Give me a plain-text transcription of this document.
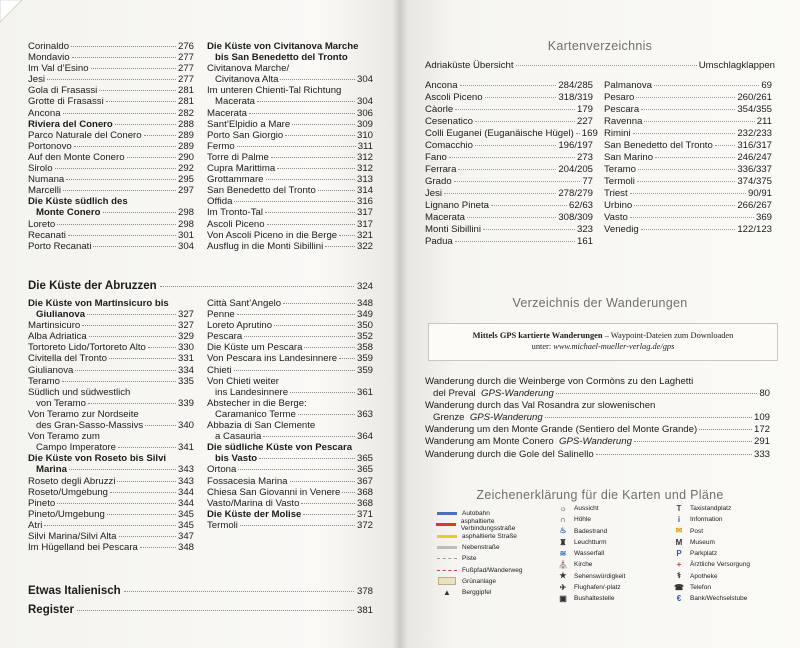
Corinaldo	276
Mondavio	277
Im Val d’Esino	277
Jesi	277
Gola di Frasassi	281
Grotte di Frasassi	281
Ancona	282
Riviera del Conero	288
Parco Naturale del Conero	289
Portonovo	289
Auf den Monte Conero	290
Sirolo	292
Numana	295
Marcelli	297
Die Küste südlich des
Monte Conero	298
Loreto	298
Recanati	301
Porto Recanati	304
Die Küste von Civitanova Marche
bis San Benedetto del Tronto
Civitanova Marche/
Civitanova Alta	304
Im unteren Chienti-Tal Richtung
Macerata	304
Macerata	306
Sant’Elpidio a Mare	309
Porto San Giorgio	310
Fermo	311
Torre di Palme	312
Cupra Marittima	312
Grottammare	313
San Benedetto del Tronto	314
Offida	316
Im Tronto-Tal	317
Ascoli Piceno	317
Von Ascoli Piceno in die Berge 321
Ausflug in die Monti Sibillini	322
Die Küste der Abruzzen	324
Die Küste von Martinsicuro bis
Giulianova	327
Martinsicuro	327
Alba Adriatica	329
Tortoreto Lido/Tortoreto Alto	330
Civitella del Tronto	331
Giulianova	334
Teramo	335
Südlich und südwestlich
von Teramo	339
Von Teramo zur Nordseite
des Gran-Sasso-Massivs	340
Von Teramo zum
Campo Imperatore	341
Die Küste von Roseto bis Silvi
Marina	343
Roseto degli Abruzzi	343
Roseto/Umgebung	344
Pineto	344
Pineto/Umgebung	345
Atri	345
Silvi Marina/Silvi Alta	347
Im Hügelland bei Pescara	348
Città Sant’Angelo	348
Penne	349
Loreto Aprutino	350
Pescara	352
Die Küste um Pescara	358
Von Pescara ins Landesinnere 359
Chieti	359
Von Chieti weiter
ins Landesinnere	361
Abstecher in die Berge:
Caramanico Terme	363
Abbazia di San Clemente
a Casauria	364
Die südliche Küste von Pescara
bis Vasto	365
Ortona	365
Fossacesia Marina	367
Chiesa San Giovanni in Venere 368
Vasto/Marina di Vasto	368
Die Küste der Molise	371
Termoli	372
Etwas Italienisch	378
Register	381
Kartenverzeichnis
Adriaküste Übersicht	Umschlagklappen
Ancona	284/285
Ascoli Piceno	318/319
Càorle	179
Cesenatico	227
Colli Euganei (Euganäische Hügel) 169
Comacchio	196/197
Fano	273
Ferrara	204/205
Grado	77
Jesi	278/279
Lignano Pineta	62/63
Macerata	308/309
Monti Sibillini	323
Padua	161
Palmanova	69
Pesaro	260/261
Pescara	354/355
Ravenna	211
Rimini	232/233
San Benedetto del Tronto	316/317
San Marino	246/247
Teramo	336/337
Termoli	374/375
Triest	90/91
Urbino	266/267
Vasto	369
Venedig	122/123
Verzeichnis der Wanderungen
Mittels GPS kartierte Wanderungen – Waypoint-Dateien zum Downloaden
unter: www.michael-mueller-verlag.de/gps
Wanderung durch die Weinberge von Cormòns zu den Laghetti
del Preval GPS-Wanderung	80
Wanderung durch das Val Rosandra zur slowenischen
Grenze GPS-Wanderung	109
Wanderung um den Monte Grande (Sentiero del Monte Grande)	172
Wanderung am Monte Conero GPS-Wanderung	291
Wanderung durch die Gole del Salinello	333
Zeichenerklärung für die Karten und Pläne
Autobahn
asphaltierte Verbindungsstraße
asphaltierte Straße
Nebenstraße
Piste
Fußpfad/Wanderweg
Grünanlage
▲ Berggipfel
☼ Aussicht
∩	Höhle
♨ Badestrand
♜ Leuchtturm
≋ Wasserfall
⛪ Kirche
★ Sehenswürdigkeit
✈ Flughafen/-platz
▣ Bushaltestelle
T	Taxistandplatz
i	Information
✉ Post
M Museum
P	Parkplatz
+	Ärztliche Versorgung
⚕	Apotheke
☎ Telefon
€	Bank/Wechselstube
